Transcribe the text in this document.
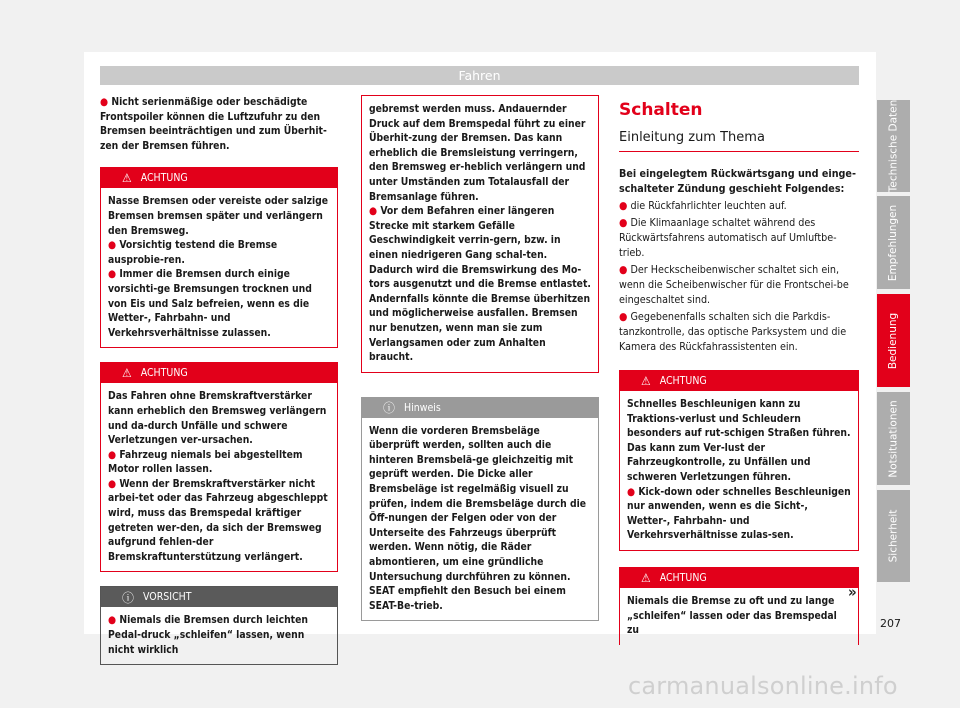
Fahren

● Nicht serienmäßige oder beschädigte Frontspoiler können die Luftzufuhr zu den Bremsen beeinträchtigen und zum Überhit-zen der Bremsen führen.

⚠ ACHTUNG

Nasse Bremsen oder vereiste oder salzige Bremsen bremsen später und verlängern den Bremsweg.

● Vorsichtig testend die Bremse ausprobie-ren.

● Immer die Bremsen durch einige vorsichti-ge Bremsungen trocknen und von Eis und Salz befreien, wenn es die Wetter-, Fahrbahn- und Verkehrsverhältnisse zulassen.

⚠ ACHTUNG

Das Fahren ohne Bremskraftverstärker kann erheblich den Bremsweg verlängern und da-durch Unfälle und schwere Verletzungen ver-ursachen.

● Fahrzeug niemals bei abgestelltem Motor rollen lassen.

● Wenn der Bremskraftverstärker nicht arbei-tet oder das Fahrzeug abgeschleppt wird, muss das Bremspedal kräftiger getreten wer-den, da sich der Bremsweg aufgrund fehlen-der Bremskraftunterstützung verlängert.

ⓘ VORSICHT

● Niemals die Bremsen durch leichten Pedal-druck „schleifen“ lassen, wenn nicht wirklich

gebremst werden muss. Andauernder Druck auf dem Bremspedal führt zu einer Überhit-zung der Bremsen. Das kann erheblich die Bremsleistung verringern, den Bremsweg er-heblich verlängern und unter Umständen zum Totalausfall der Bremsanlage führen.

● Vor dem Befahren einer längeren Strecke mit starkem Gefälle Geschwindigkeit verrin-gern, bzw. in einen niedrigeren Gang schal-ten. Dadurch wird die Bremswirkung des Mo-tors ausgenutzt und die Bremse entlastet. Andernfalls könnte die Bremse überhitzen und möglicherweise ausfallen. Bremsen nur benutzen, wenn man sie zum Verlangsamen oder zum Anhalten braucht.

ⓘ Hinweis

Wenn die vorderen Bremsbeläge überprüft werden, sollten auch die hinteren Bremsbelä-ge gleichzeitig mit geprüft werden. Die Dicke aller Bremsbeläge ist regelmäßig visuell zu prüfen, indem die Bremsbeläge durch die Öff-nungen der Felgen oder von der Unterseite des Fahrzeugs überprüft werden. Wenn nötig, die Räder abmontieren, um eine gründliche Untersuchung durchführen zu können. SEAT empfiehlt den Besuch bei einem SEAT-Be-trieb.

Schalten
Einleitung zum Thema

Bei eingelegtem Rückwärtsgang und einge-schalteter Zündung geschieht Folgendes:

● die Rückfahrlichter leuchten auf.

● Die Klimaanlage schaltet während des Rückwärtsfahrens automatisch auf Umluftbe-trieb.

● Der Heckscheibenwischer schaltet sich ein, wenn die Scheibenwischer für die Frontschei-be eingeschaltet sind.

● Gegebenenfalls schalten sich die Parkdis-tanzkontrolle, das optische Parksystem und die Kamera des Rückfahrassistenten ein.

⚠ ACHTUNG

Schnelles Beschleunigen kann zu Traktions-verlust und Schleudern besonders auf rut-schigen Straßen führen. Das kann zum Ver-lust der Fahrzeugkontrolle, zu Unfällen und schweren Verletzungen führen.

● Kick-down oder schnelles Beschleunigen nur anwenden, wenn es die Sicht-, Wetter-, Fahrbahn- und Verkehrsverhältnisse zulas-sen.

⚠ ACHTUNG

Niemals die Bremse zu oft und zu lange „schleifen“ lassen oder das Bremspedal zu

»
Technische Daten
Empfehlungen
Bedienung
Notsituationen
Sicherheit
207
carmanualsonline.info
